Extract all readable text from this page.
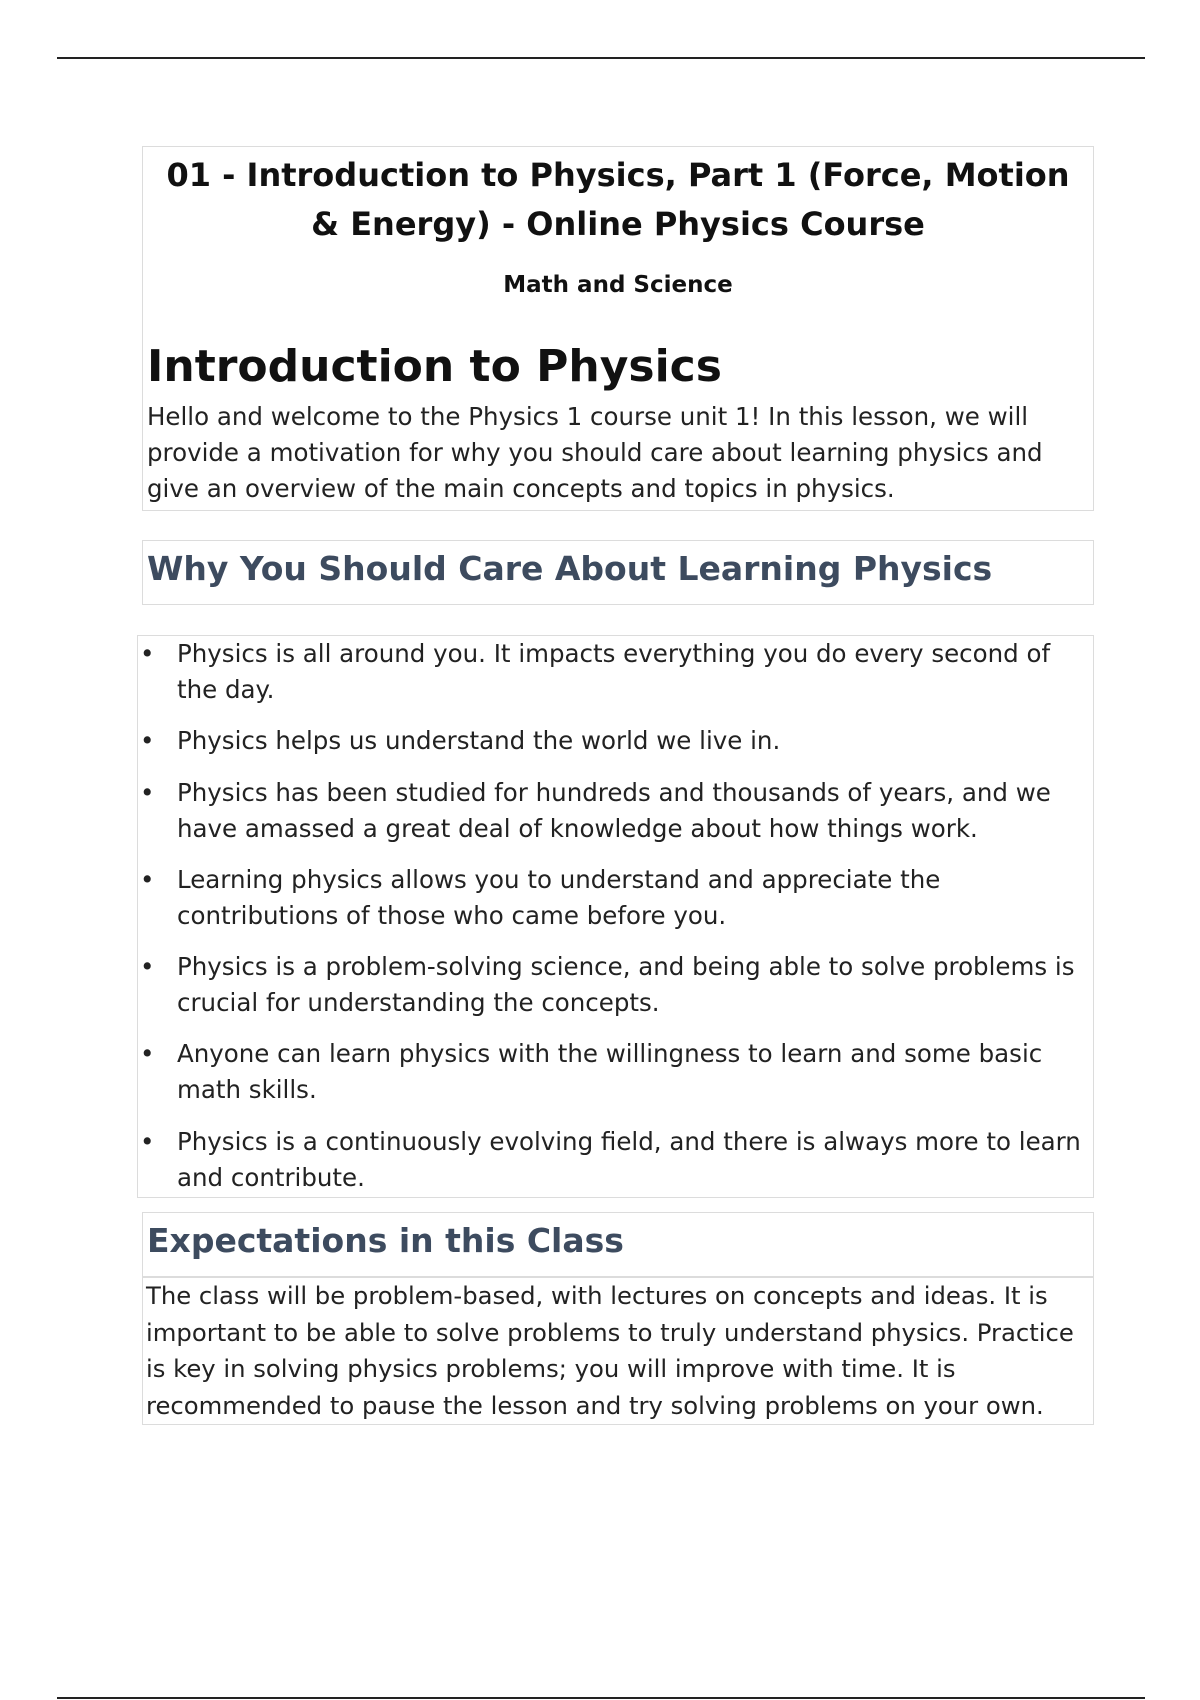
01 - Introduction to Physics, Part 1 (Force, Motion & Energy) - Online Physics Course
Math and Science
Introduction to Physics

Hello and welcome to the Physics 1 course unit 1! In this lesson, we will provide a motivation for why you should care about learning physics and give an overview of the main concepts and topics in physics.

Why You Should Care About Learning Physics
• Physics is all around you. It impacts everything you do every second of the day.
• Physics helps us understand the world we live in.
• Physics has been studied for hundreds and thousands of years, and we have amassed a great deal of knowledge about how things work.
• Learning physics allows you to understand and appreciate the contributions of those who came before you.
• Physics is a problem-solving science, and being able to solve problems is crucial for understanding the concepts.
• Anyone can learn physics with the willingness to learn and some basic math skills.
• Physics is a continuously evolving field, and there is always more to learn and contribute.
Expectations in this Class

The class will be problem-based, with lectures on concepts and ideas. It is important to be able to solve problems to truly understand physics. Practice is key in solving physics problems; you will improve with time. It is recommended to pause the lesson and try solving problems on your own.
